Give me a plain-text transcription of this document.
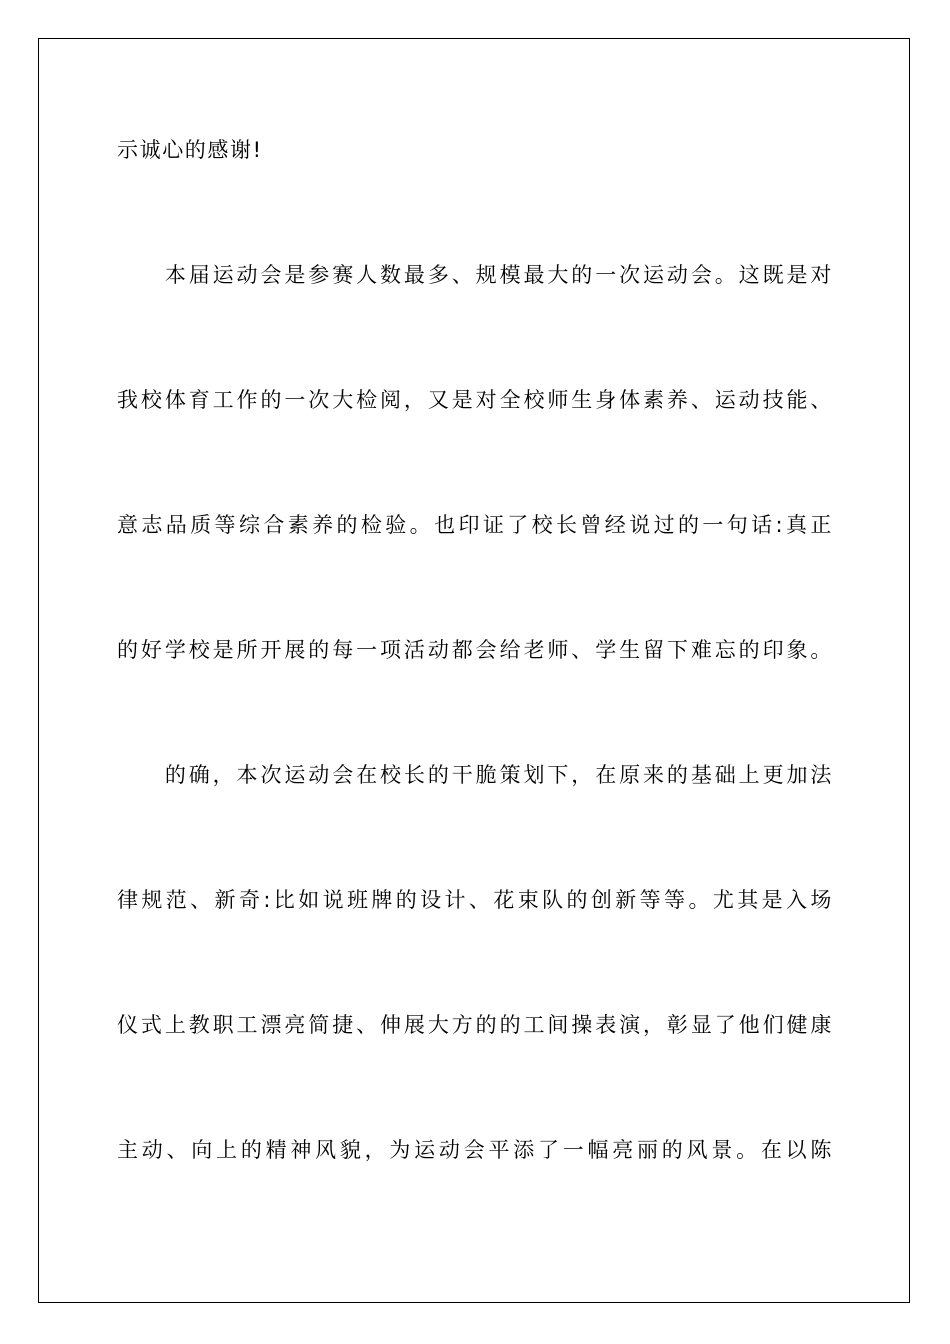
示诚心的感谢!
　　本届运动会是参赛人数最多、规模最大的一次运动会。这既是对
我校体育工作的一次大检阅，又是对全校师生身体素养、运动技能、
意志品质等综合素养的检验。也印证了校长曾经说过的一句话:真正
的好学校是所开展的每一项活动都会给老师、学生留下难忘的印象。
　　的确，本次运动会在校长的干脆策划下，在原来的基础上更加法
律规范、新奇:比如说班牌的设计、花束队的创新等等。尤其是入场
仪式上教职工漂亮简捷、伸展大方的的工间操表演，彰显了他们健康
主动、向上的精神风貌，为运动会平添了一幅亮丽的风景。在以陈
